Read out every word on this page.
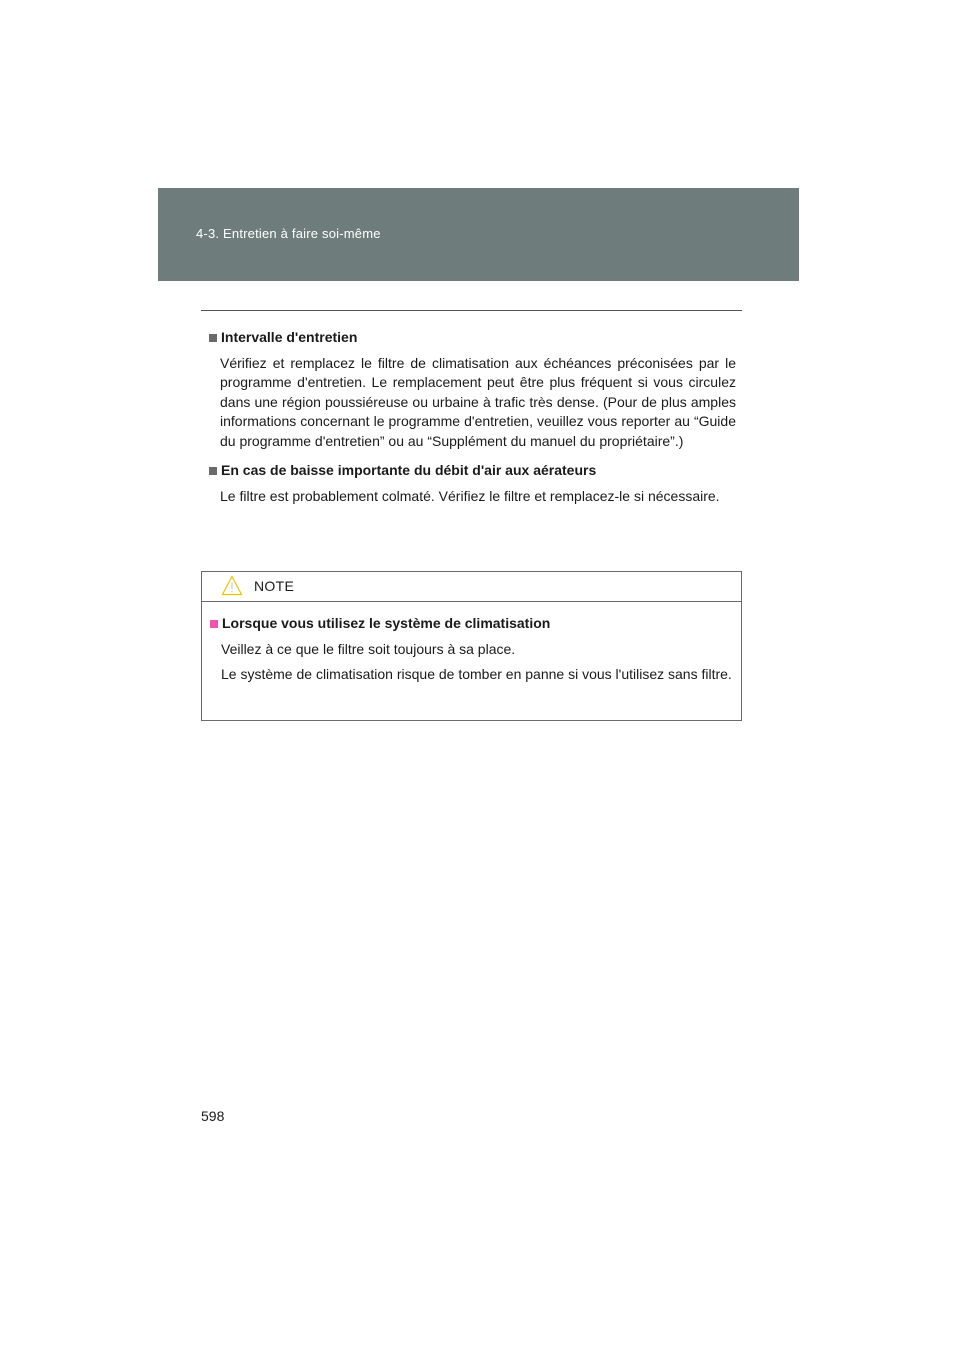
4-3. Entretien à faire soi-même
Intervalle d'entretien

Vérifiez et remplacez le filtre de climatisation aux échéances préconisées par le programme d'entretien. Le remplacement peut être plus fréquent si vous circulez dans une région poussiéreuse ou urbaine à trafic très dense. (Pour de plus amples informations concernant le programme d'entretien, veuillez vous reporter au “Guide du programme d'entretien” ou au “Supplément du manuel du propriétaire”.)

En cas de baisse importante du débit d'air aux aérateurs

Le filtre est probablement colmaté. Vérifiez le filtre et remplacez-le si nécessaire.

NOTE
Lorsque vous utilisez le système de climatisation

Veillez à ce que le filtre soit toujours à sa place.

Le système de climatisation risque de tomber en panne si vous l'utilisez sans filtre.

598
